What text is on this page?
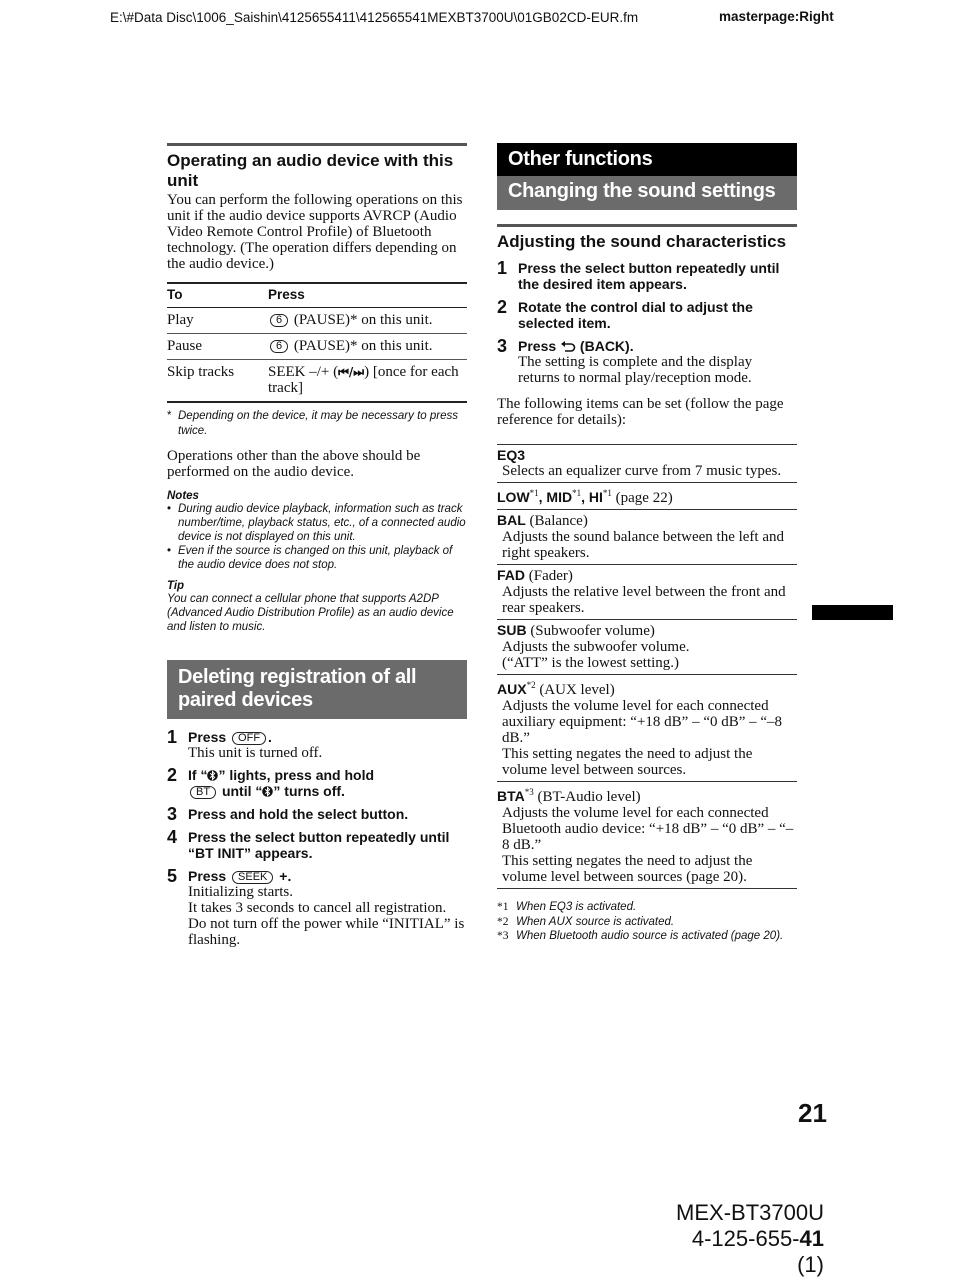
E:\#Data Disc\1006_Saishin\4125655411\412565541MEXBT3700U\01GB02CD-EUR.fm	masterpage:Right
Operating an audio device with this unit

You can perform the following operations on this unit if the audio device supports AVRCP (Audio Video Remote Control Profile) of Bluetooth technology. (The operation differs depending on the audio device.)

To	Press
Play	6 (PAUSE)* on this unit.
Pause	6 (PAUSE)* on this unit.
Skip tracks	SEEK –/+ (⏮/⏭) [once for each track]
* Depending on the device, it may be necessary to press twice.

Operations other than the above should be performed on the audio device.

Notes
• During audio device playback, information such as track number/time, playback status, etc., of a connected audio device is not displayed on this unit.
• Even if the source is changed on this unit, playback of the audio device does not stop.
Tip
You can connect a cellular phone that supports A2DP (Advanced Audio Distribution Profile) as an audio device and listen to music.
Deleting registration of all paired devices
1 Press OFF .
This unit is turned off.
2 If “ ” lights, press and hold
BT until “ ” turns off.
3 Press and hold the select button.
4 Press the select button repeatedly until “BT INIT” appears.
5 Press SEEK +.
Initializing starts.
It takes 3 seconds to cancel all registration.
Do not turn off the power while “INITIAL” is flashing.
Other functions
Changing the sound settings
Adjusting the sound characteristics
1 Press the select button repeatedly until the desired item appears.
2 Rotate the control dial to adjust the selected item.
3 Press  (BACK).
The setting is complete and the display returns to normal play/reception mode.

The following items can be set (follow the page reference for details):

EQ3
Selects an equalizer curve from 7 music types.
LOW$^{*1}$, MID$^{*1}$, HI$^{*1}$ (page 22)
BAL (Balance)
Adjusts the sound balance between the left and right speakers.
FAD (Fader)
Adjusts the relative level between the front and rear speakers.
SUB (Subwoofer volume)
Adjusts the subwoofer volume.
(“ATT” is the lowest setting.)
AUX$^{*2}$ (AUX level)
Adjusts the volume level for each connected auxiliary equipment: “+18 dB” – “0 dB” – “–8 dB.”
This setting negates the need to adjust the volume level between sources.
BTA$^{*3}$ (BT-Audio level)
Adjusts the volume level for each connected Bluetooth audio device: “+18 dB” – “0 dB” – “–8 dB.”
This setting negates the need to adjust the volume level between sources (page 20).
*1 When EQ3 is activated.
*2 When AUX source is activated.
*3 When Bluetooth audio source is activated (page 20).
21
MEX-BT3700U
4-125-655-41 (1)
